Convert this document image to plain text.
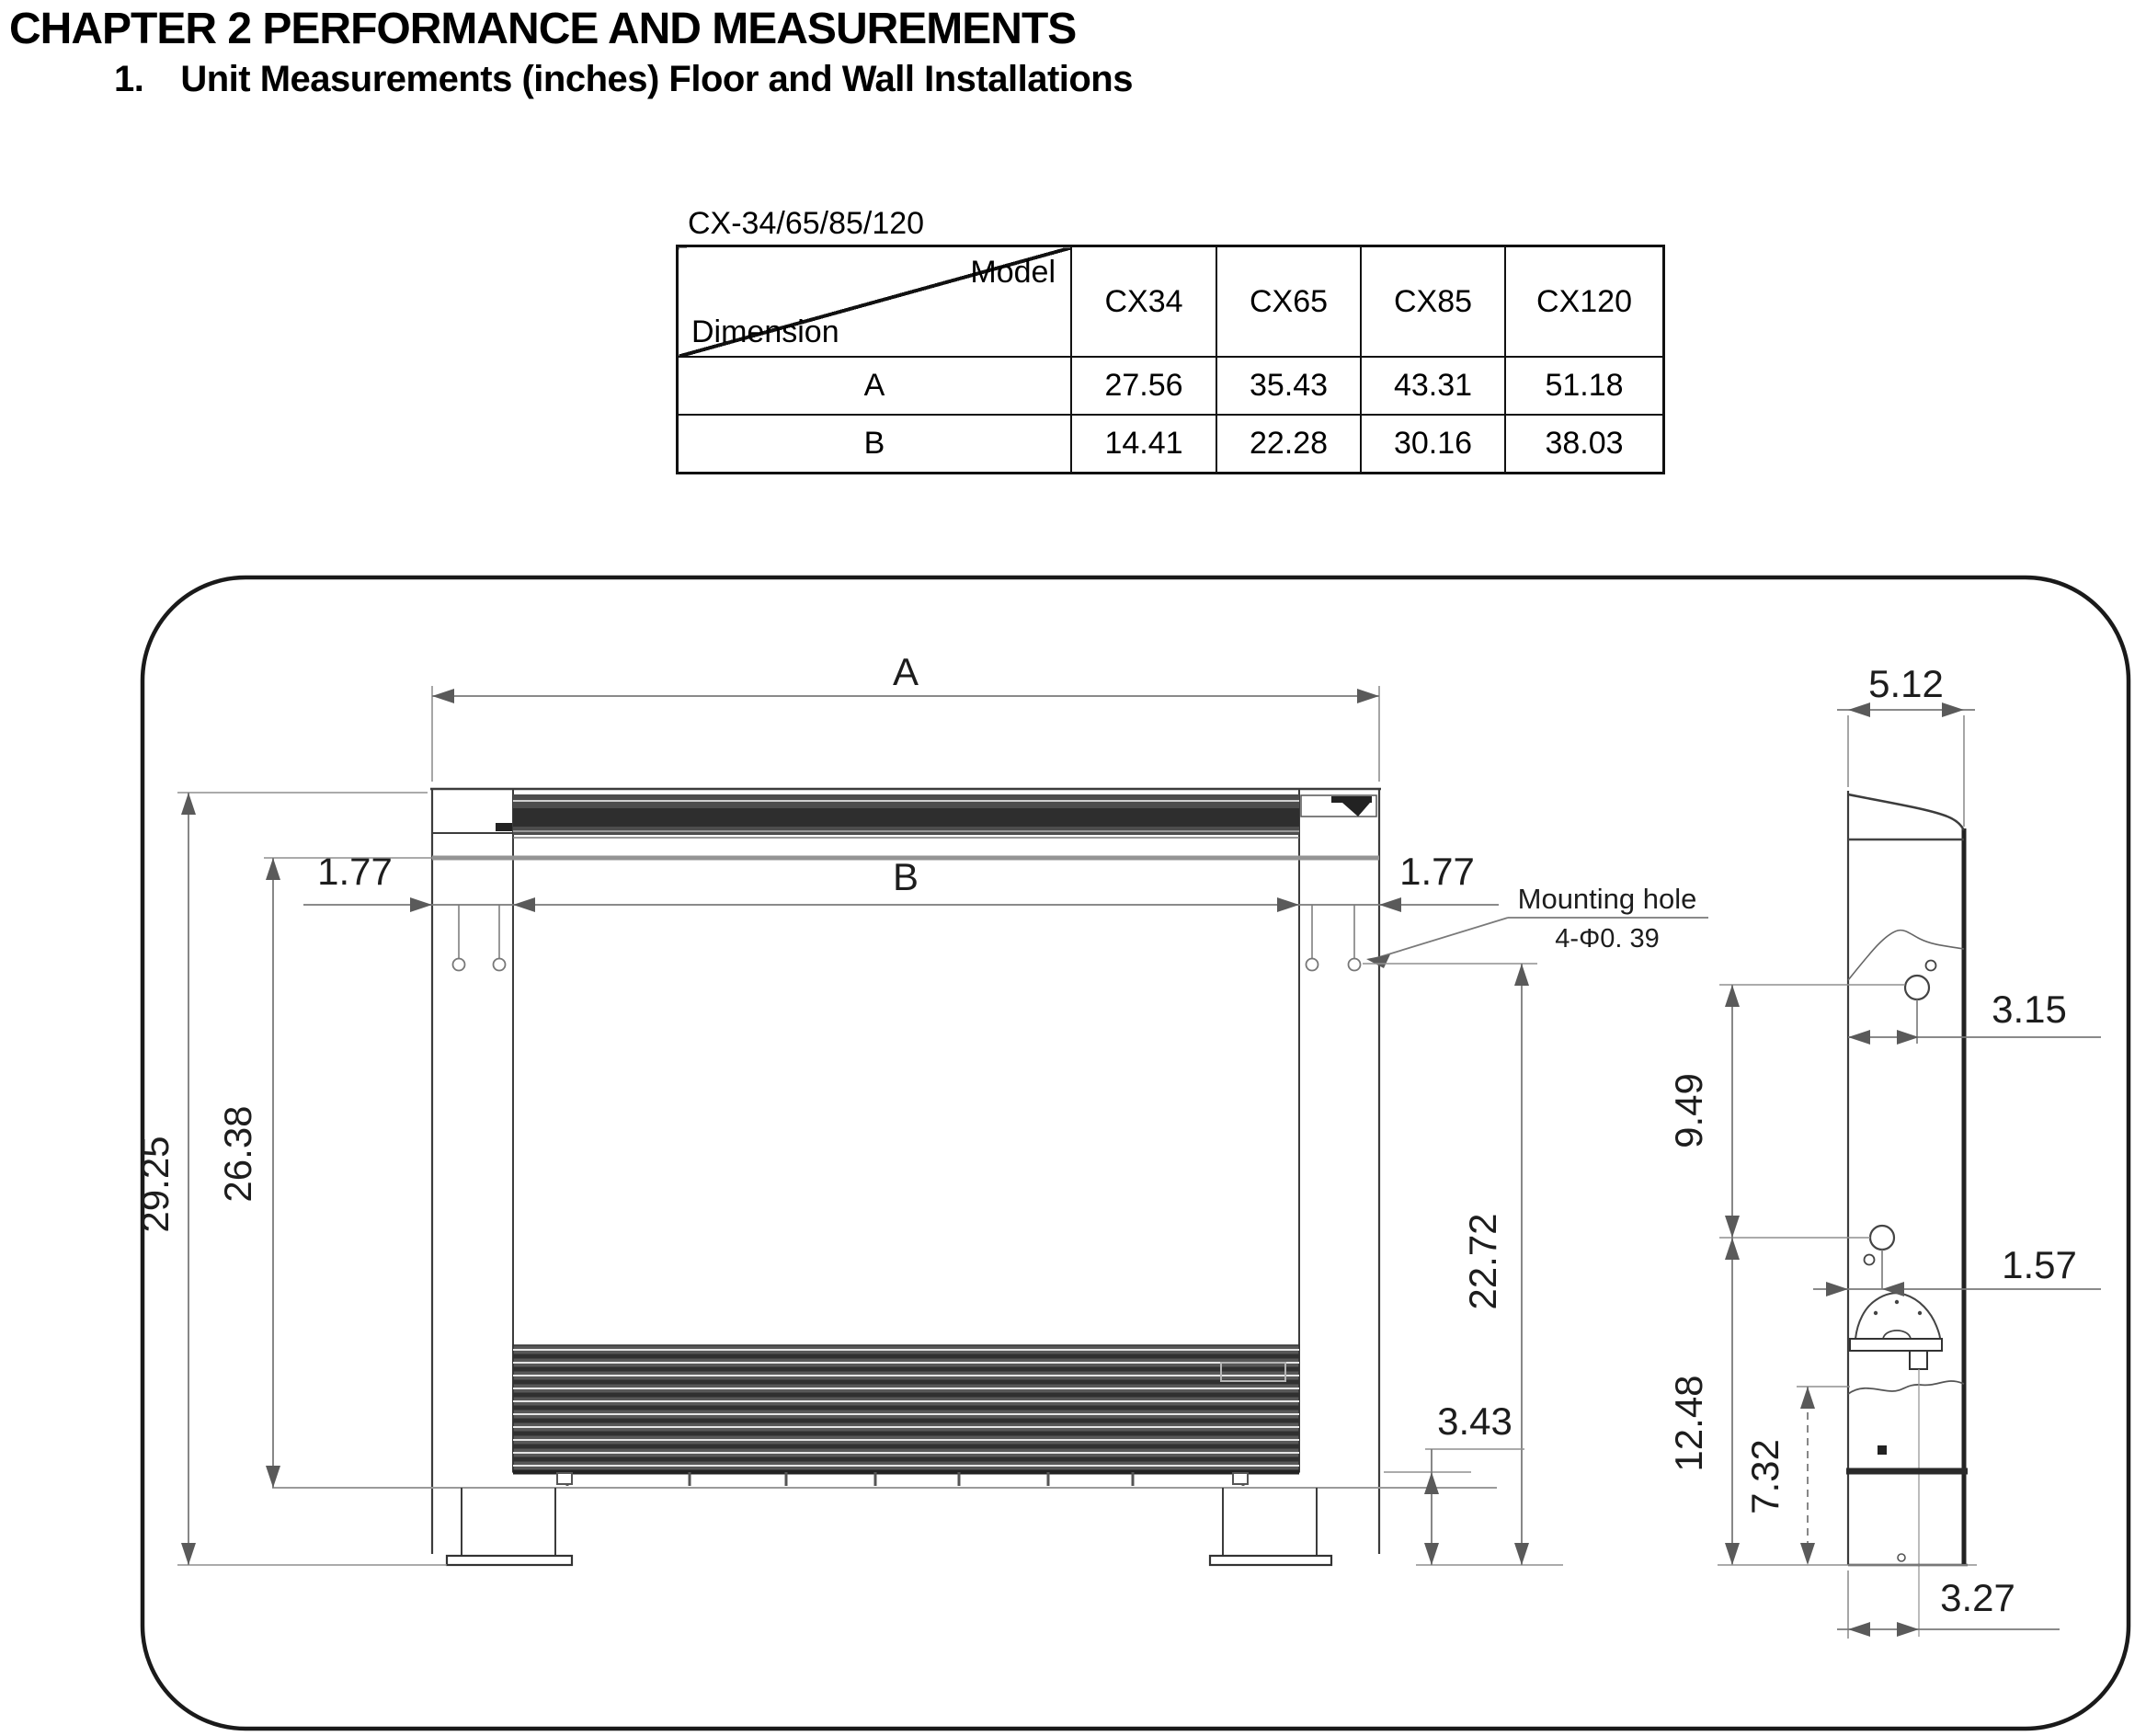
CHAPTER 2 PERFORMANCE AND MEASUREMENTS
1. Unit Measurements (inches) Floor and Wall Installations
CX-34/65/85/120
Model
Dimension	CX34	CX65	CX85	CX120
A	27.56	35.43	43.31	51.18
B	14.41	22.28	30.16	38.03
A
B
1.77	1.77
Mounting hole
4-Φ0. 39
29.25 26.38
22.72
3.43
5.12
3.15
9.49
12.48
1.57
7.32
3.27
